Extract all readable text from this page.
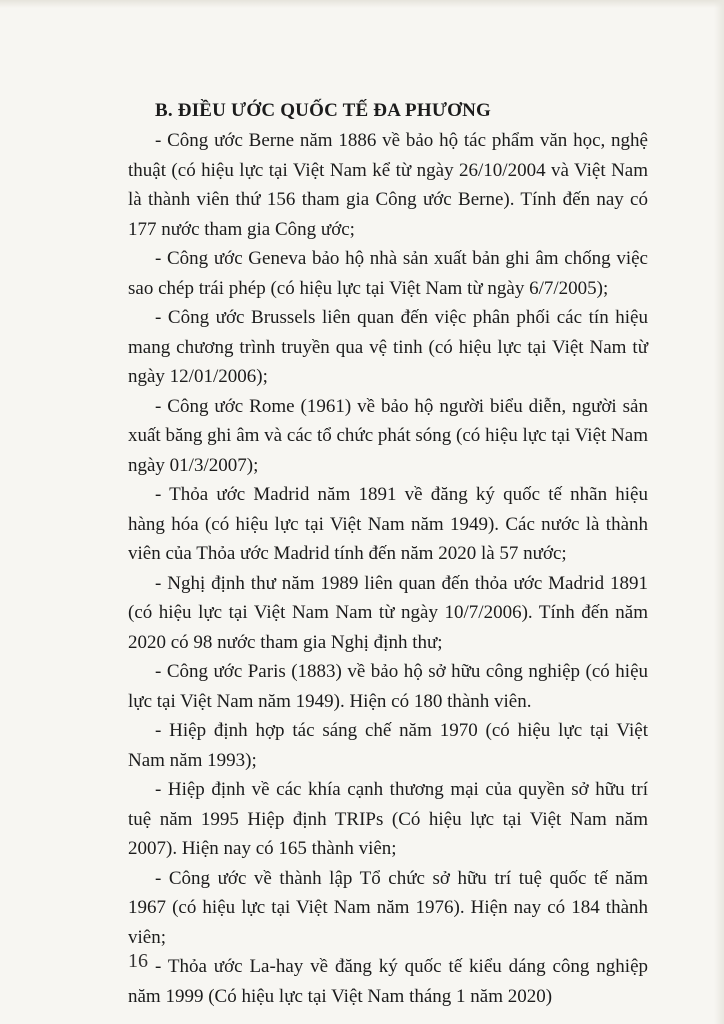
B. ĐIỀU ƯỚC QUỐC TẾ ĐA PHƯƠNG

- Công ước Berne năm 1886 về bảo hộ tác phẩm văn học, nghệ thuật (có hiệu lực tại Việt Nam kể từ ngày 26/10/2004 và Việt Nam là thành viên thứ 156 tham gia Công ước Berne). Tính đến nay có 177 nước tham gia Công ước;

- Công ước Geneva bảo hộ nhà sản xuất bản ghi âm chống việc sao chép trái phép (có hiệu lực tại Việt Nam từ ngày 6/7/2005);

- Công ước Brussels liên quan đến việc phân phối các tín hiệu mang chương trình truyền qua vệ tinh (có hiệu lực tại Việt Nam từ ngày 12/01/2006);

- Công ước Rome (1961) về bảo hộ người biểu diễn, người sản xuất băng ghi âm và các tổ chức phát sóng (có hiệu lực tại Việt Nam ngày 01/3/2007);

- Thỏa ước Madrid năm 1891 về đăng ký quốc tế nhãn hiệu hàng hóa (có hiệu lực tại Việt Nam năm 1949). Các nước là thành viên của Thỏa ước Madrid tính đến năm 2020 là 57 nước;

- Nghị định thư năm 1989 liên quan đến thỏa ước Madrid 1891 (có hiệu lực tại Việt Nam Nam từ ngày 10/7/2006). Tính đến năm 2020 có 98 nước tham gia Nghị định thư;

- Công ước Paris (1883) về bảo hộ sở hữu công nghiệp (có hiệu lực tại Việt Nam năm 1949). Hiện có 180 thành viên.

- Hiệp định hợp tác sáng chế năm 1970 (có hiệu lực tại Việt Nam năm 1993);

- Hiệp định về các khía cạnh thương mại của quyền sở hữu trí tuệ năm 1995 Hiệp định TRIPs (Có hiệu lực tại Việt Nam năm 2007). Hiện nay có 165 thành viên;

- Công ước về thành lập Tổ chức sở hữu trí tuệ quốc tế năm 1967 (có hiệu lực tại Việt Nam năm 1976). Hiện nay có 184 thành viên;

- Thỏa ước La-hay về đăng ký quốc tế kiểu dáng công nghiệp năm 1999 (Có hiệu lực tại Việt Nam tháng 1 năm 2020)

16
